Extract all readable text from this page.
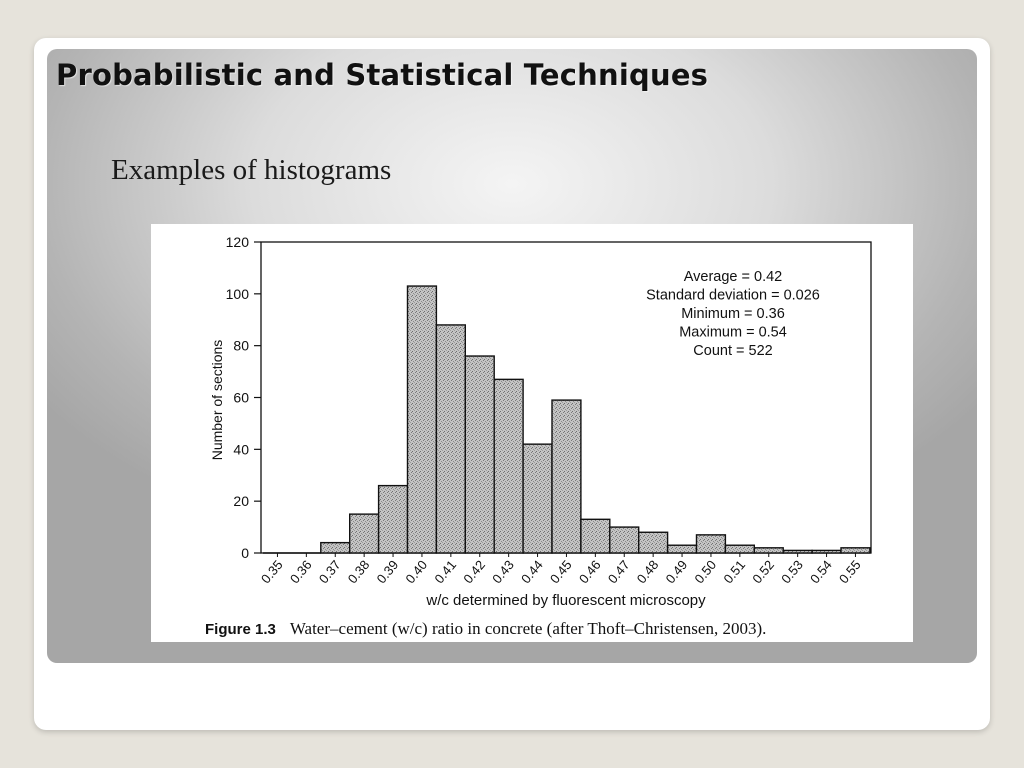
Probabilistic and Statistical Techniques
Examples of histograms
0
20
40
60
80
100
120
Number of sections
0.35 0.36 0.37 0.38 0.39 0.40 0.41 0.42 0.43 0.44 0.45 0.46 0.47 0.48 0.49 0.50 0.51 0.52 0.53 0.54 0.55
w/c determined by fluorescent microscopy
Average = 0.42
Standard deviation = 0.026
Minimum = 0.36
Maximum = 0.54
Count = 522
Figure 1.3 Water–cement (w/c) ratio in concrete (after Thoft–Christensen, 2003).
